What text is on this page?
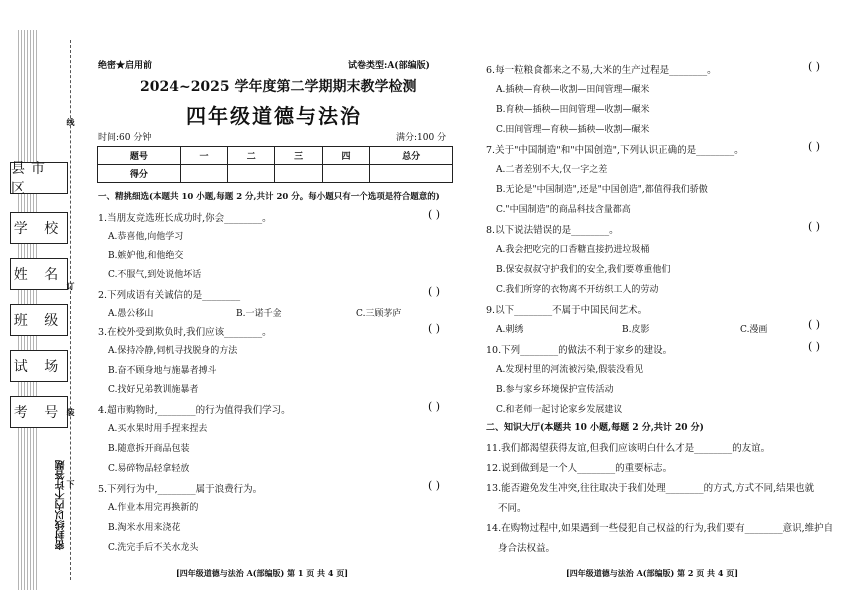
县市区
学 校
姓 名
班 级
试 场
考 号
密封线以内不许答题
线
订
装
下
绝密★启用前	试卷类型:A(部编版)
2024~2025 学年度第二学期期末教学检测
四年级道德与法治
时间:60 分钟	满分:100 分
题号	一	二	三	四	总分
得分					
一、精挑细选(本题共 10 小题,每题 2 分,共计 20 分。每小题只有一个选项是符合题意的)
1.当朋友竞选班长成功时,你会________。	( )
A.恭喜他,向他学习
B.嫉妒他,和他绝交
C.不服气,到处说他坏话
2.下列成语有关诚信的是________	( )
A.愚公移山	B.一诺千金	C.三顾茅庐
3.在校外受到欺负时,我们应该________。	( )
A.保持冷静,伺机寻找脱身的方法
B.奋不顾身地与施暴者搏斗
C.找好兄弟教训施暴者
4.超市购物时,________的行为值得我们学习。	( )
A.买水果时用手捏来捏去
B.随意拆开商品包装
C.易碎物品轻拿轻放
5.下列行为中,________属于浪费行为。	( )
A.作业本用完再换新的
B.淘米水用来浇花
C.洗完手后不关水龙头
[四年级道德与法治 A(部编版) 第 1 页 共 4 页]
6.每一粒粮食都来之不易,大米的生产过程是________。	( )
A.插秧—育秧—收割—田间管理—碾米
B.育秧—插秧—田间管理—收割—碾米
C.田间管理—育秧—插秧—收割—碾米
7.关于"中国制造"和"中国创造",下列认识正确的是________。	( )
A.二者差别不大,仅一字之差
B.无论是"中国制造",还是"中国创造",都值得我们骄傲
C."中国制造"的商品科技含量都高
8.以下说法错误的是________。	( )
A.我会把吃完的口香糖直接扔进垃圾桶
B.保安叔叔守护我们的安全,我们要尊重他们
C.我们所穿的衣物离不开纺织工人的劳动
9.以下________不属于中国民间艺术。
( )
A.刺绣	B.皮影	C.漫画
10.下列________的做法不利于家乡的建设。	( )
A.发现村里的河流被污染,假装没看见
B.参与家乡环境保护宣传活动
C.和老师一起讨论家乡发展建议
二、知识大厅(本题共 10 小题,每题 2 分,共计 20 分)
11.我们都渴望获得友谊,但我们应该明白什么才是________的友谊。
12.说到做到是一个人________的重要标志。
13.能否避免发生冲突,往往取决于我们处理________的方式,方式不同,结果也就
不同。
14.在购物过程中,如果遇到一些侵犯自己权益的行为,我们要有________意识,维护自
身合法权益。
[四年级道德与法治 A(部编版) 第 2 页 共 4 页]
